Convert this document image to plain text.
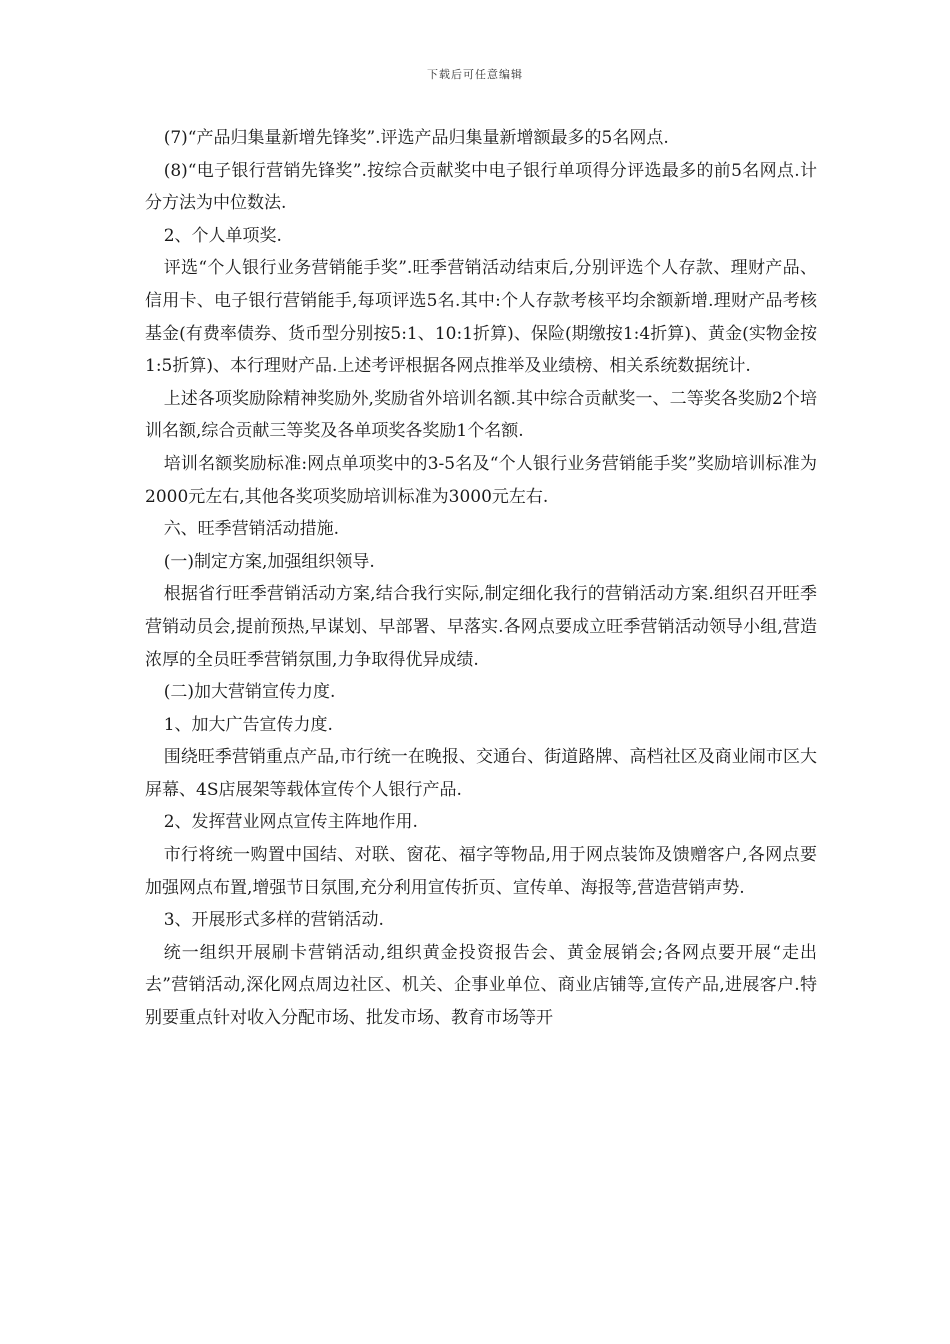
下载后可任意编辑

(7)“产品归集量新增先锋奖”.评选产品归集量新增额最多的5名网点.

(8)“电子银行营销先锋奖”.按综合贡献奖中电子银行单项得分评选最多的前5名网点.计分方法为中位数法.

2、个人单项奖.

评选“个人银行业务营销能手奖”.旺季营销活动结束后,分别评选个人存款、理财产品、信用卡、电子银行营销能手,每项评选5名.其中:个人存款考核平均余额新增.理财产品考核基金(有费率债券、货币型分别按5:1、10:1折算)、保险(期缴按1:4折算)、黄金(实物金按1:5折算)、本行理财产品.上述考评根据各网点推举及业绩榜、相关系统数据统计.

上述各项奖励除精神奖励外,奖励省外培训名额.其中综合贡献奖一、二等奖各奖励2个培训名额,综合贡献三等奖及各单项奖各奖励1个名额.

培训名额奖励标准:网点单项奖中的3-5名及“个人银行业务营销能手奖”奖励培训标准为2000元左右,其他各奖项奖励培训标准为3000元左右.

六、旺季营销活动措施.

(一)制定方案,加强组织领导.

根据省行旺季营销活动方案,结合我行实际,制定细化我行的营销活动方案.组织召开旺季营销动员会,提前预热,早谋划、早部署、早落实.各网点要成立旺季营销活动领导小组,营造浓厚的全员旺季营销氛围,力争取得优异成绩.

(二)加大营销宣传力度.

1、加大广告宣传力度.

围绕旺季营销重点产品,市行统一在晚报、交通台、街道路牌、高档社区及商业闹市区大屏幕、4S店展架等载体宣传个人银行产品.

2、发挥营业网点宣传主阵地作用.

市行将统一购置中国结、对联、窗花、福字等物品,用于网点装饰及馈赠客户,各网点要加强网点布置,增强节日氛围,充分利用宣传折页、宣传单、海报等,营造营销声势.

3、开展形式多样的营销活动.

统一组织开展刷卡营销活动,组织黄金投资报告会、黄金展销会;各网点要开展“走出去”营销活动,深化网点周边社区、机关、企事业单位、商业店铺等,宣传产品,进展客户.特别要重点针对收入分配市场、批发市场、教育市场等开
